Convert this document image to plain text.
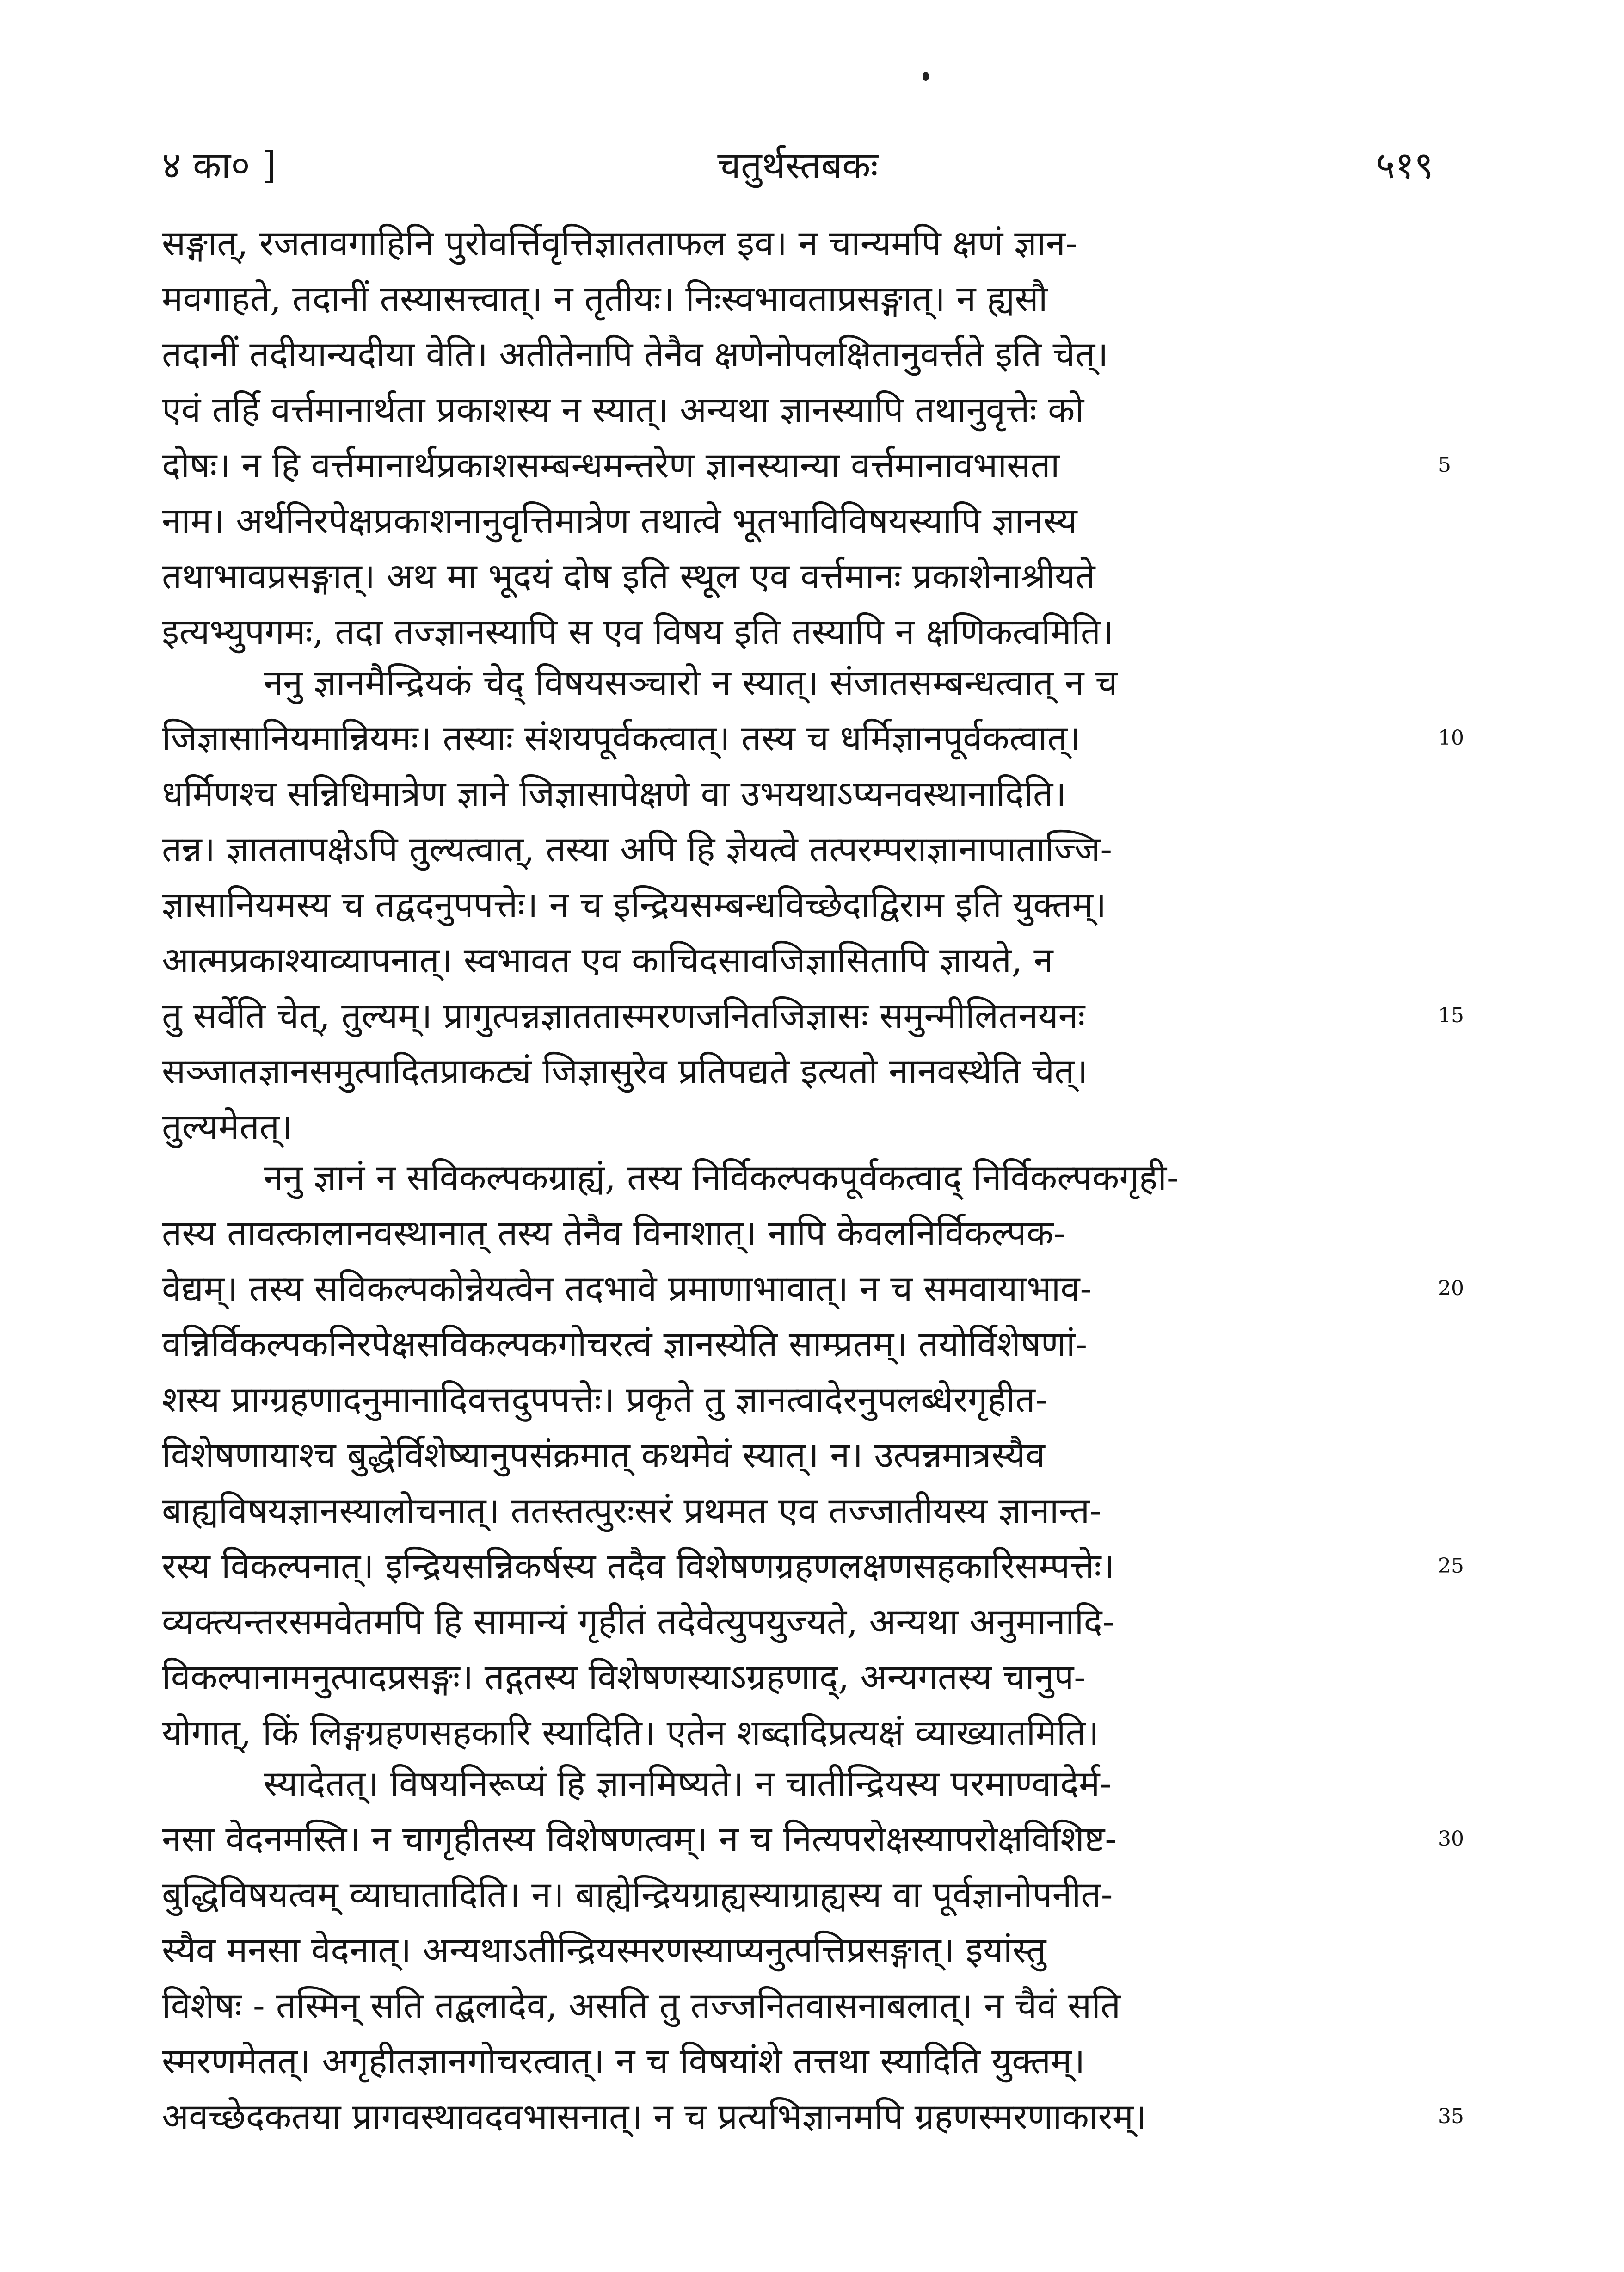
४ का० ]	चतुर्थस्तबकः	५१९
सङ्गात्, रजतावगाहिनि पुरोवर्त्तिवृत्तिज्ञातताफल इव। न चान्यमपि क्षणं ज्ञान-
मवगाहते, तदानीं तस्यासत्त्वात्। न तृतीयः। निःस्वभावताप्रसङ्गात्। न ह्यसौ
तदानीं तदीयान्यदीया वेति। अतीतेनापि तेनैव क्षणेनोपलक्षितानुवर्त्तते इति चेत्।
एवं तर्हि वर्त्तमानार्थता प्रकाशस्य न स्यात्। अन्यथा ज्ञानस्यापि तथानुवृत्तेः को
दोषः। न हि वर्त्तमानार्थप्रकाशसम्बन्धमन्तरेण ज्ञानस्यान्या वर्त्तमानावभासता
नाम। अर्थनिरपेक्षप्रकाशनानुवृत्तिमात्रेण तथात्वे भूतभाविविषयस्यापि ज्ञानस्य
तथाभावप्रसङ्गात्। अथ मा भूदयं दोष इति स्थूल एव वर्त्तमानः प्रकाशेनाश्रीयते
इत्यभ्युपगमः, तदा तज्ज्ञानस्यापि स एव विषय इति तस्यापि न क्षणिकत्वमिति।
ननु ज्ञानमैन्द्रियकं चेद् विषयसञ्चारो न स्यात्। संजातसम्बन्धत्वात् न च
जिज्ञासानियमान्नियमः। तस्याः संशयपूर्वकत्वात्। तस्य च धर्मिज्ञानपूर्वकत्वात्।
धर्मिणश्च सन्निधिमात्रेण ज्ञाने जिज्ञासापेक्षणे वा उभयथाऽप्यनवस्थानादिति।
तन्न। ज्ञाततापक्षेऽपि तुल्यत्वात्, तस्या अपि हि ज्ञेयत्वे तत्परम्पराज्ञानापाताज्जि-
ज्ञासानियमस्य च तद्वदनुपपत्तेः। न च इन्द्रियसम्बन्धविच्छेदाद्विराम इति युक्तम्।
आत्मप्रकाश्याव्यापनात्। स्वभावत एव काचिदसावजिज्ञासितापि ज्ञायते, न
तु सर्वेति चेत्, तुल्यम्। प्रागुत्पन्नज्ञाततास्मरणजनितजिज्ञासः समुन्मीलितनयनः
सञ्जातज्ञानसमुत्पादितप्राकट्यं जिज्ञासुरेव प्रतिपद्यते इत्यतो नानवस्थेति चेत्।
तुल्यमेतत्।
ननु ज्ञानं न सविकल्पकग्राह्यं, तस्य निर्विकल्पकपूर्वकत्वाद् निर्विकल्पकगृही-
तस्य तावत्कालानवस्थानात् तस्य तेनैव विनाशात्। नापि केवलनिर्विकल्पक-
वेद्यम्। तस्य सविकल्पकोन्नेयत्वेन तदभावे प्रमाणाभावात्। न च समवायाभाव-
वन्निर्विकल्पकनिरपेक्षसविकल्पकगोचरत्वं ज्ञानस्येति साम्प्रतम्। तयोर्विशेषणां-
शस्य प्राग्ग्रहणादनुमानादिवत्तदुपपत्तेः। प्रकृते तु ज्ञानत्वादेरनुपलब्धेरगृहीत-
विशेषणायाश्च बुद्धेर्विशेष्यानुपसंक्रमात् कथमेवं स्यात्। न। उत्पन्नमात्रस्यैव
बाह्यविषयज्ञानस्यालोचनात्। ततस्तत्पुरःसरं प्रथमत एव तज्जातीयस्य ज्ञानान्त-
रस्य विकल्पनात्। इन्द्रियसन्निकर्षस्य तदैव विशेषणग्रहणलक्षणसहकारिसम्पत्तेः।
व्यक्त्यन्तरसमवेतमपि हि सामान्यं गृहीतं तदेवेत्युपयुज्यते, अन्यथा अनुमानादि-
विकल्पानामनुत्पादप्रसङ्गः। तद्गतस्य विशेषणस्याऽग्रहणाद्, अन्यगतस्य चानुप-
योगात्, किं लिङ्गग्रहणसहकारि स्यादिति। एतेन शब्दादिप्रत्यक्षं व्याख्यातमिति।
स्यादेतत्। विषयनिरूप्यं हि ज्ञानमिष्यते। न चातीन्द्रियस्य परमाण्वादेर्म-
नसा वेदनमस्ति। न चागृहीतस्य विशेषणत्वम्। न च नित्यपरोक्षस्यापरोक्षविशिष्ट-
बुद्धिविषयत्वम् व्याघातादिति। न। बाह्येन्द्रियग्राह्यस्याग्राह्यस्य वा पूर्वज्ञानोपनीत-
स्यैव मनसा वेदनात्। अन्यथाऽतीन्द्रियस्मरणस्याप्यनुत्पत्तिप्रसङ्गात्। इयांस्तु
विशेषः - तस्मिन् सति तद्बलादेव, असति तु तज्जनितवासनाबलात्। न चैवं सति
स्मरणमेतत्। अगृहीतज्ञानगोचरत्वात्। न च विषयांशे तत्तथा स्यादिति युक्तम्।
अवच्छेदकतया प्रागवस्थावदवभासनात्। न च प्रत्यभिज्ञानमपि ग्रहणस्मरणाकारम्।
5
10
15
20
25
30
35
